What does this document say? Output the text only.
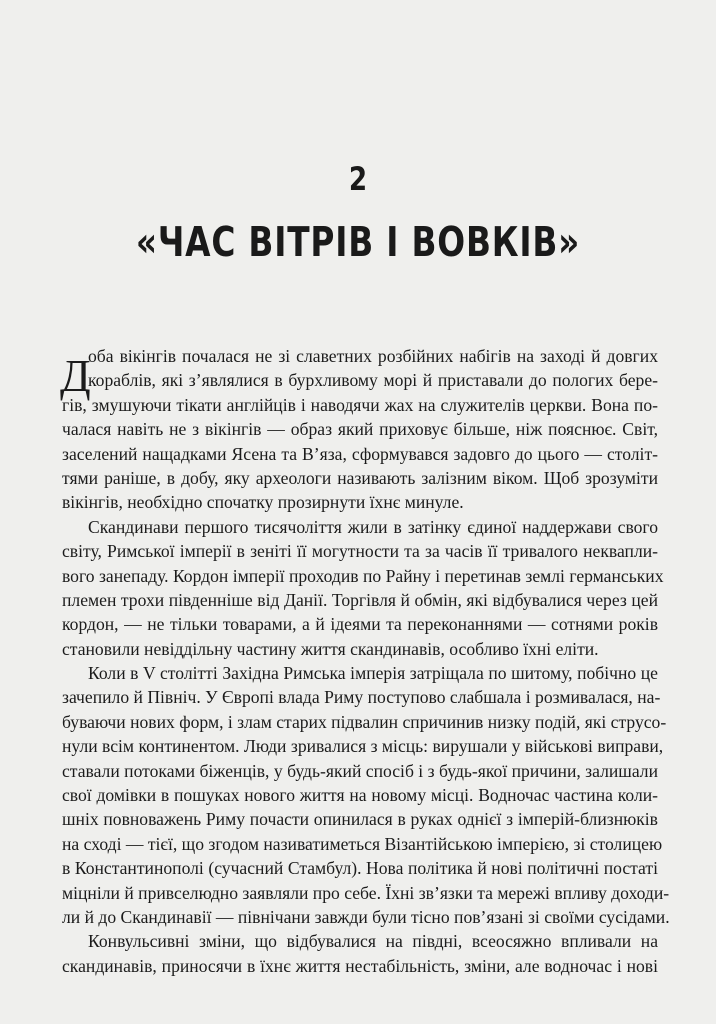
2
«ЧАС ВІТРІВ І ВОВКІВ»
Д
оба вікінгів почалася не зі славетних розбійних набігів на заході й довгих
кораблів, які з’являлися в бурхливому морі й приставали до пологих бере-
гів, змушуючи тікати англійців і наводячи жах на служителів церкви. Вона по-
чалася навіть не з вікінгів — образ який приховує більше, ніж пояснює. Світ,
заселений нащадками Ясена та В’яза, сформувався задовго до цього — століт-
тями раніше, в добу, яку археологи називають залізним віком. Щоб зрозуміти
вікінгів, необхідно спочатку прозирнути їхнє минуле.
Скандинави першого тисячоліття жили в затінку єдиної наддержави свого
світу, Римської імперії в зеніті її могутности та за часів її тривалого неквапли-
вого занепаду. Кордон імперії проходив по Райну і перетинав землі германських
племен трохи південніше від Данії. Торгівля й обмін, які відбувалися через цей
кордон, — не тільки товарами, а й ідеями та переконаннями — сотнями років
становили невіддільну частину життя скандинавів, особливо їхні еліти.
Коли в V столітті Західна Римська імперія затріщала по шитому, побічно це
зачепило й Північ. У Європі влада Риму поступово слабшала і розмивалася, на-
буваючи нових форм, і злам старих підвалин спричинив низку подій, які струсо-
нули всім континентом. Люди зривалися з місць: вирушали у військові виправи,
ставали потоками біженців, у будь-який спосіб і з будь-якої причини, залишали
свої домівки в пошуках нового життя на новому місці. Водночас частина коли-
шніх повноважень Риму почасти опинилася в руках однієї з імперій-близнюків
на сході — тієї, що згодом називатиметься Візантійською імперією, зі столицею
в Константинополі (сучасний Стамбул). Нова політика й нові політичні постаті
міцніли й привселюдно заявляли про себе. Їхні зв’язки та мережі впливу доходи-
ли й до Скандинавії — північани завжди були тісно пов’язані зі своїми сусідами.
Конвульсивні зміни, що відбувалися на півдні, всеосяжно впливали на
скандинавів, приносячи в їхнє життя нестабільність, зміни, але водночас і нові
